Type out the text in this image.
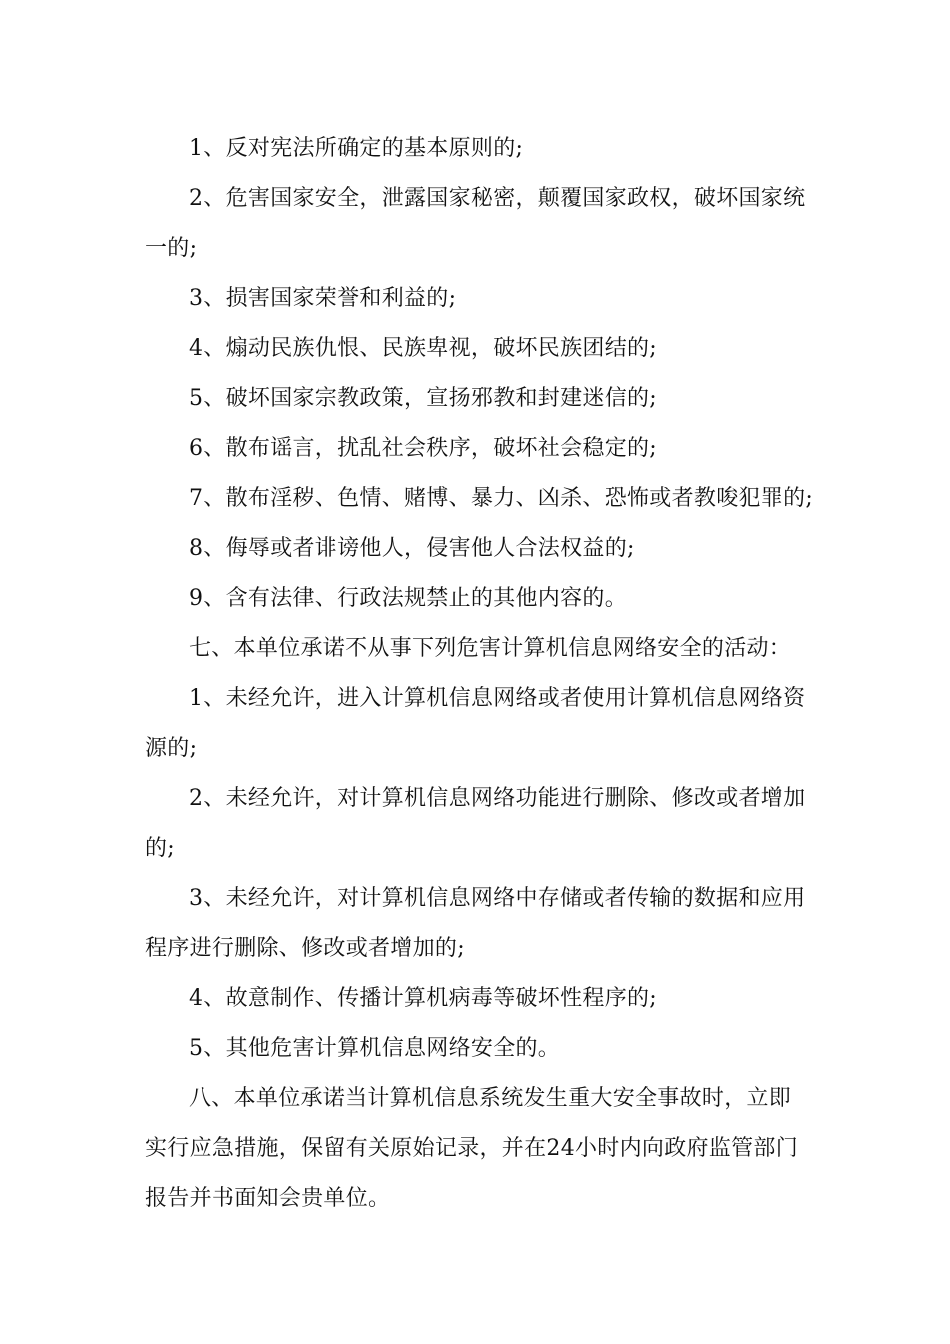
1、反对宪法所确定的基本原则的;

2、危害国家安全，泄露国家秘密，颠覆国家政权，破坏国家统
一的;

3、损害国家荣誉和利益的;

4、煽动民族仇恨、民族卑视，破坏民族团结的;

5、破坏国家宗教政策，宣扬邪教和封建迷信的;

6、散布谣言，扰乱社会秩序，破坏社会稳定的;

7、散布淫秽、色情、赌博、暴力、凶杀、恐怖或者教唆犯罪的;

8、侮辱或者诽谤他人，侵害他人合法权益的;

9、含有法律、行政法规禁止的其他内容的。

七、本单位承诺不从事下列危害计算机信息网络安全的活动：

1、未经允许，进入计算机信息网络或者使用计算机信息网络资
源的;

2、未经允许，对计算机信息网络功能进行删除、修改或者增加
的;

3、未经允许，对计算机信息网络中存储或者传输的数据和应用
程序进行删除、修改或者增加的;

4、故意制作、传播计算机病毒等破坏性程序的;

5、其他危害计算机信息网络安全的。

八、本单位承诺当计算机信息系统发生重大安全事故时，立即
实行应急措施，保留有关原始记录，并在24小时内向政府监管部门
报告并书面知会贵单位。
